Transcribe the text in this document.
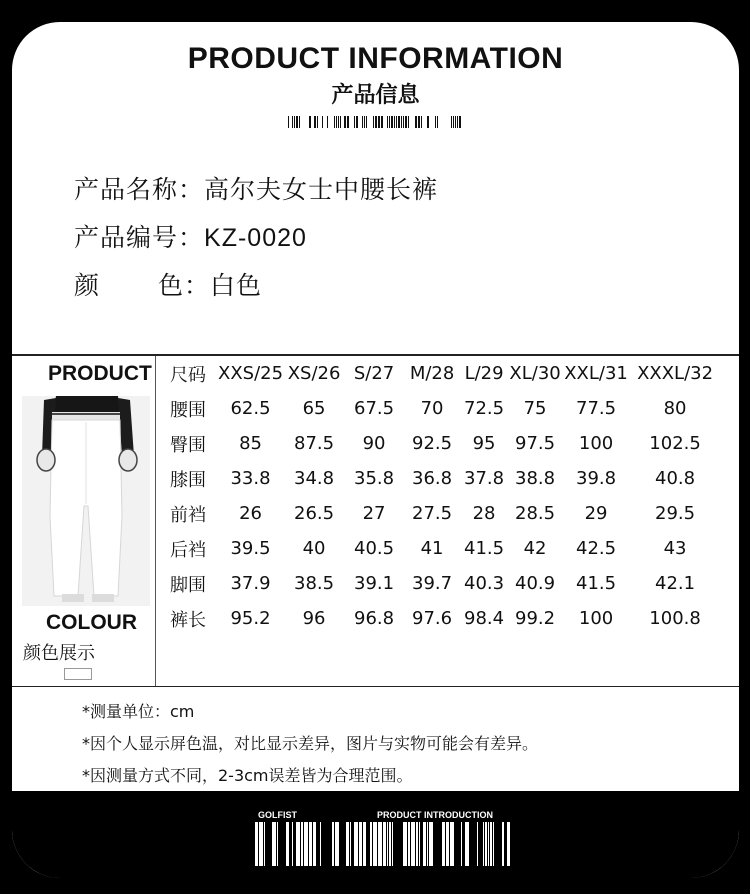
PRODUCT INFORMATION
产品信息
产品名称：高尔夫女士中腰长裤
产品编号：KZ-0020
颜 色：白色
PRODUCT
COLOUR
颜色展示
尺码	XXS/25	XS/26	S/27	M/28	L/29	XL/30	XXL/31	XXXL/32
腰围	62.5	65	67.5	70	72.5	75	77.5	80
臀围	85	87.5	90	92.5	95	97.5	100	102.5
膝围	33.8	34.8	35.8	36.8	37.8	38.8	39.8	40.8
前裆	26	26.5	27	27.5	28	28.5	29	29.5
后裆	39.5	40	40.5	41	41.5	42	42.5	43
脚围	37.9	38.5	39.1	39.7	40.3	40.9	41.5	42.1
裤长	95.2	96	96.8	97.6	98.4	99.2	100	100.8
*测量单位：cm
*因个人显示屏色温，对比显示差异，图片与实物可能会有差异。
*因测量方式不同，2-3cm误差皆为合理范围。
GOLFIST	PRODUCT INTRODUCTION
